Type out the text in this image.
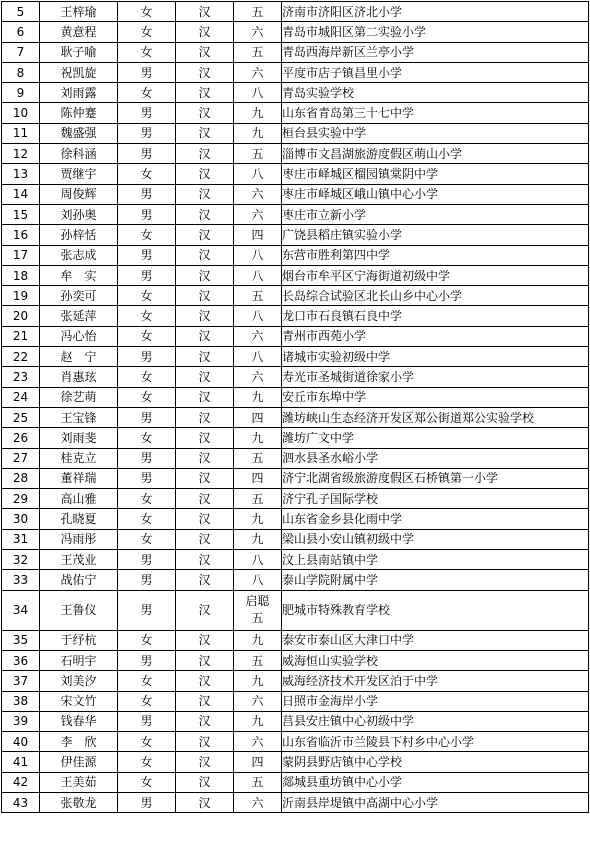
5	王梓瑜	女	汉	五	济南市济阳区济北小学
6	黄意程	女	汉	六	青岛市城阳区第二实验小学
7	耿子喻	女	汉	五	青岛西海岸新区兰亭小学
8	祝凯旋	男	汉	六	平度市店子镇昌里小学
9	刘雨露	女	汉	八	青岛实验学校
10	陈仲蹇	男	汉	九	山东省青岛第三十七中学
11	魏盛强	男	汉	九	桓台县实验中学
12	徐科涵	男	汉	五	淄博市文昌湖旅游度假区萌山小学
13	贾继宇	女	汉	八	枣庄市峄城区榴园镇棠阴中学
14	周俊辉	男	汉	六	枣庄市峄城区峨山镇中心小学
15	刘孙奥	男	汉	六	枣庄市立新小学
16	孙梓恬	女	汉	四	广饶县稻庄镇实验小学
17	张志成	男	汉	八	东营市胜利第四中学
18	牟　实	男	汉	八	烟台市牟平区宁海街道初级中学
19	孙奕可	女	汉	五	长岛综合试验区北长山乡中心小学
20	张延萍	女	汉	八	龙口市石良镇石良中学
21	冯心怡	女	汉	六	青州市西苑小学
22	赵　宁	男	汉	八	诸城市实验初级中学
23	肖惠玹	女	汉	六	寿光市圣城街道徐家小学
24	徐艺萌	女	汉	九	安丘市东埠中学
25	王宝锋	男	汉	四	潍坊峡山生态经济开发区郑公街道郑公实验学校
26	刘雨斐	女	汉	九	潍坊广文中学
27	桂克立	男	汉	五	泗水县圣水峪小学
28	董祥瑞	男	汉	四	济宁北湖省级旅游度假区石桥镇第一小学
29	高山雅	女	汉	五	济宁孔子国际学校
30	孔晓夏	女	汉	九	山东省金乡县化雨中学
31	冯雨彤	女	汉	九	梁山县小安山镇初级中学
32	王茂业	男	汉	八	汶上县南站镇中学
33	战佑宁	男	汉	八	泰山学院附属中学
34	王鲁仪	男	汉	启聪五	肥城市特殊教育学校
35	于纾杭	女	汉	九	泰安市泰山区大津口中学
36	石明宇	男	汉	五	威海恒山实验学校
37	刘美汐	女	汉	九	威海经济技术开发区泊于中学
38	宋文竹	女	汉	六	日照市金海岸小学
39	钱春华	男	汉	九	莒县安庄镇中心初级中学
40	李　欣	女	汉	六	山东省临沂市兰陵县下村乡中心小学
41	伊佳源	女	汉	四	蒙阴县野店镇中心学校
42	王美茹	女	汉	五	郯城县重坊镇中心小学
43	张敬龙	男	汉	六	沂南县岸堤镇中高湖中心小学
